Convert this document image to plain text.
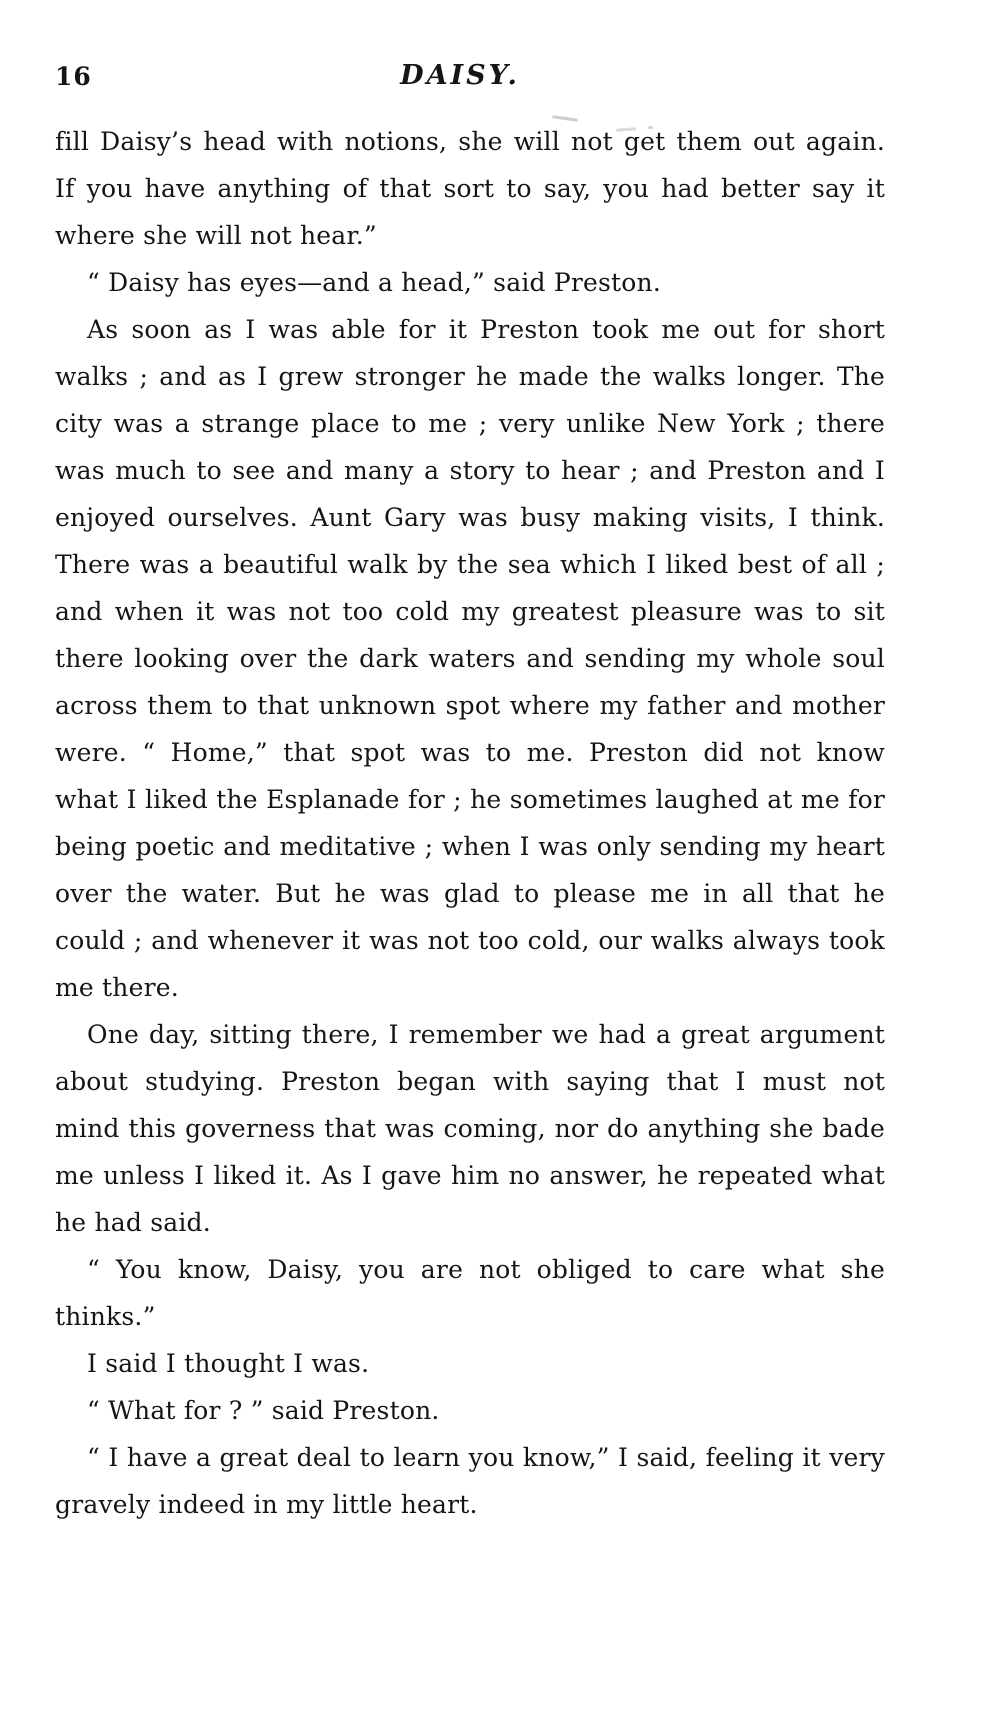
16	DAISY.
fill Daisy’s head with notions, she will not get them out again.
If you have anything of that sort to say, you had better say it
where she will not hear.”
“ Daisy has eyes—and a head,” said Preston.
As soon as I was able for it Preston took me out for short
walks ; and as I grew stronger he made the walks longer. The
city was a strange place to me ; very unlike New York ; there
was much to see and many a story to hear ; and Preston and I
enjoyed ourselves. Aunt Gary was busy making visits, I think.
There was a beautiful walk by the sea which I liked best of all ;
and when it was not too cold my greatest pleasure was to sit
there looking over the dark waters and sending my whole soul
across them to that unknown spot where my father and mother
were. “ Home,” that spot was to me. Preston did not know
what I liked the Esplanade for ; he sometimes laughed at me for
being poetic and meditative ; when I was only sending my heart
over the water. But he was glad to please me in all that he
could ; and whenever it was not too cold, our walks always took
me there.
One day, sitting there, I remember we had a great argument
about studying. Preston began with saying that I must not
mind this governess that was coming, nor do anything she bade
me unless I liked it. As I gave him no answer, he repeated what
he had said.
“ You know, Daisy, you are not obliged to care what she
thinks.”
I said I thought I was.
“ What for ? ” said Preston.
“ I have a great deal to learn you know,” I said, feeling it very
gravely indeed in my little heart.
